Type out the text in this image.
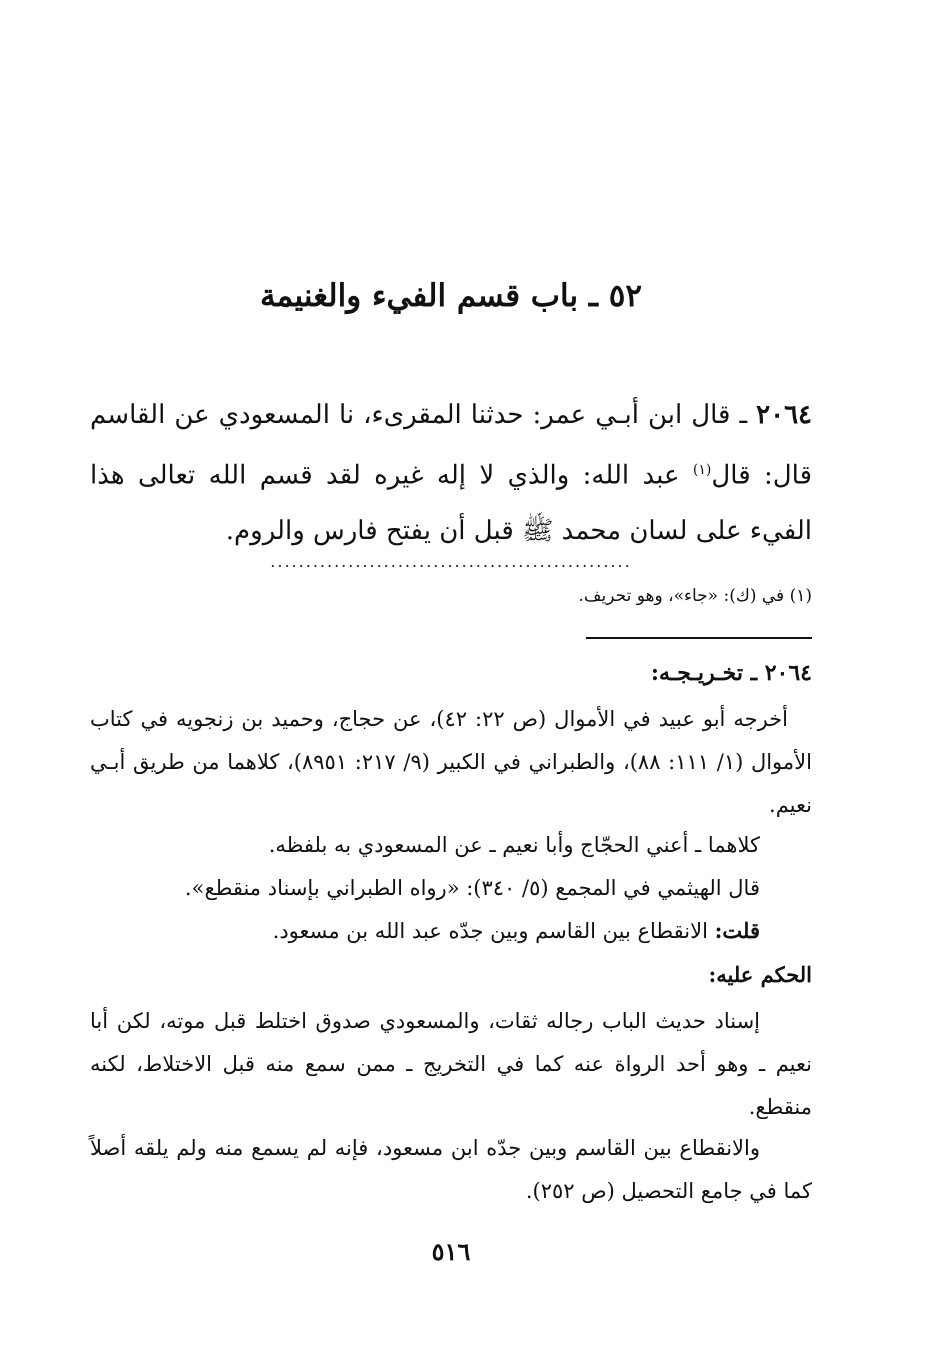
٥٢ ـ باب قسم الفيء والغنيمة
٢٠٦٤ ـ قال ابن أبـي عمر: حدثنا المقرىء، نا المسعودي عن القاسم قال: قال$^{(١)}$ عبد الله: والذي لا إله غيره لقد قسم الله تعالى هذا الفيء على لسان محمد ﷺ قبل أن يفتح فارس والروم.
...................................................
(١) في (ك): «جاء»، وهو تحريف.
٢٠٦٤ ـ تخـريـجـه:
أخرجه أبو عبيد في الأموال (ص ٢٢: ٤٢)، عن حجاج، وحميد بن زنجويه في كتاب الأموال (١/ ١١١: ٨٨)، والطبراني في الكبير (٩/ ٢١٧: ٨٩٥١)، كلاهما من طريق أبـي نعيم.
كلاهما ـ أعني الحجّاج وأبا نعيم ـ عن المسعودي به بلفظه.
قال الهيثمي في المجمع (٥/ ٣٤٠): «رواه الطبراني بإسناد منقطع».
قلت: الانقطاع بين القاسم وبين جدّه عبد الله بن مسعود.
الحكم عليه:
إسناد حديث الباب رجاله ثقات، والمسعودي صدوق اختلط قبل موته، لكن أبا نعيم ـ وهو أحد الرواة عنه كما في التخريج ـ ممن سمع منه قبل الاختلاط، لكنه منقطع.
والانقطاع بين القاسم وبين جدّه ابن مسعود، فإنه لم يسمع منه ولم يلقه أصلاً كما في جامع التحصيل (ص ٢٥٢).
٥١٦
